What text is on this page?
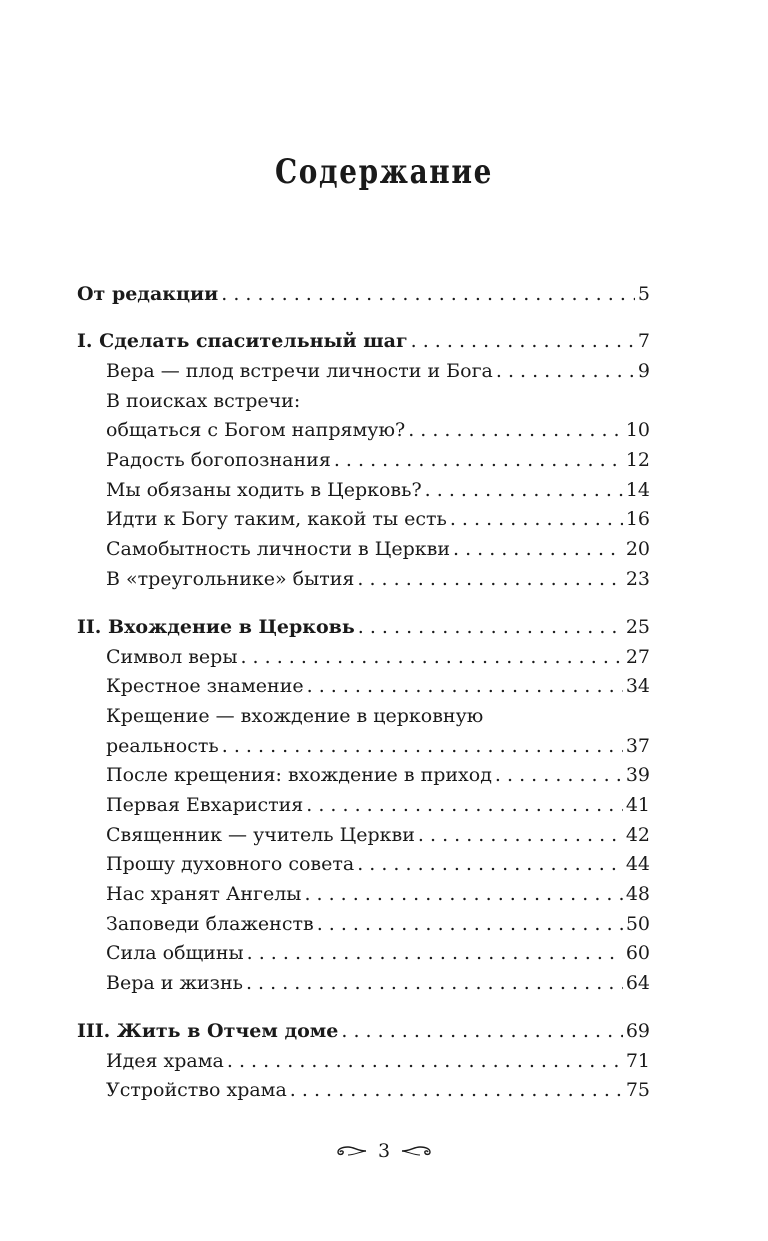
Содержание
От редакции . . .	5
I. Сделать спасительный шаг . . .	7
Вера — плод встречи личности и Бога . . .	9
В поисках встречи:
общаться с Богом напрямую? . . .	10
Радость богопознания . . .	12
Мы обязаны ходить в Церковь? . . .	14
Идти к Богу таким, какой ты есть . . .	16
Самобытность личности в Церкви . . .	20
В «треугольнике» бытия . . .	23
II. Вхождение в Церковь . . .	25
Символ веры . . .	27
Крестное знамение . . .	34
Крещение — вхождение в церковную
реальность . . .	37
После крещения: вхождение в приход . . .	39
Первая Евхаристия . . .	41
Священник — учитель Церкви . . .	42
Прошу духовного совета . . .	44
Нас хранят Ангелы . . .	48
Заповеди блаженств . . .	50
Сила общины . . .	60
Вера и жизнь . . .	64
III. Жить в Отчем доме . . .	69
Идея храма . . .	71
Устройство храма . . .	75
3
